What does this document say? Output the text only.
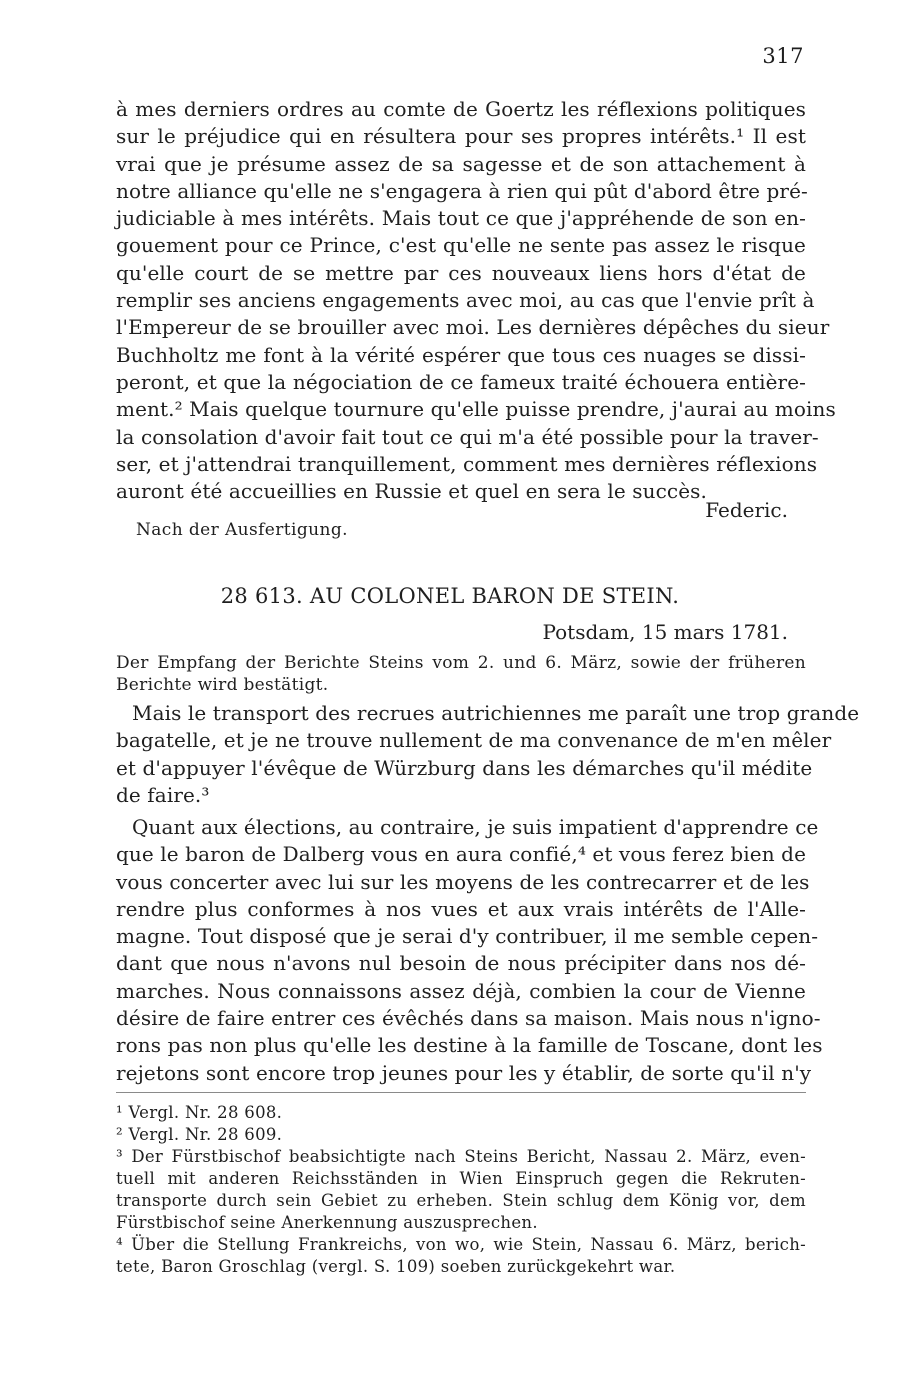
317
à mes derniers ordres au comte de Goertz les réflexions politiques
sur le préjudice qui en résultera pour ses propres intérêts.¹ Il est
vrai que je présume assez de sa sagesse et de son attachement à
notre alliance qu'elle ne s'engagera à rien qui pût d'abord être pré-
judiciable à mes intérêts. Mais tout ce que j'appréhende de son en-
gouement pour ce Prince, c'est qu'elle ne sente pas assez le risque
qu'elle court de se mettre par ces nouveaux liens hors d'état de
remplir ses anciens engagements avec moi, au cas que l'envie prît à
l'Empereur de se brouiller avec moi. Les dernières dépêches du sieur
Buchholtz me font à la vérité espérer que tous ces nuages se dissi-
peront, et que la négociation de ce fameux traité échouera entière-
ment.² Mais quelque tournure qu'elle puisse prendre, j'aurai au moins
la consolation d'avoir fait tout ce qui m'a été possible pour la traver-
ser, et j'attendrai tranquillement, comment mes dernières réflexions
auront été accueillies en Russie et quel en sera le succès.
Federic.
Nach der Ausfertigung.
28 613. AU COLONEL BARON DE STEIN.
Potsdam, 15 mars 1781.
Der Empfang der Berichte Steins vom 2. und 6. März, sowie der früheren
Berichte wird bestätigt.
Mais le transport des recrues autrichiennes me paraît une trop grande
bagatelle, et je ne trouve nullement de ma convenance de m'en mêler
et d'appuyer l'évêque de Würzburg dans les démarches qu'il médite
de faire.³
Quant aux élections, au contraire, je suis impatient d'apprendre ce
que le baron de Dalberg vous en aura confié,⁴ et vous ferez bien de
vous concerter avec lui sur les moyens de les contrecarrer et de les
rendre plus conformes à nos vues et aux vrais intérêts de l'Alle-
magne. Tout disposé que je serai d'y contribuer, il me semble cepen-
dant que nous n'avons nul besoin de nous précipiter dans nos dé-
marches. Nous connaissons assez déjà, combien la cour de Vienne
désire de faire entrer ces évêchés dans sa maison. Mais nous n'igno-
rons pas non plus qu'elle les destine à la famille de Toscane, dont les
rejetons sont encore trop jeunes pour les y établir, de sorte qu'il n'y
¹ Vergl. Nr. 28 608.
² Vergl. Nr. 28 609.
³ Der Fürstbischof beabsichtigte nach Steins Bericht, Nassau 2. März, even-
tuell mit anderen Reichsständen in Wien Einspruch gegen die Rekruten-
transporte durch sein Gebiet zu erheben. Stein schlug dem König vor, dem
Fürstbischof seine Anerkennung auszusprechen.
⁴ Über die Stellung Frankreichs, von wo, wie Stein, Nassau 6. März, berich-
tete, Baron Groschlag (vergl. S. 109) soeben zurückgekehrt war.
